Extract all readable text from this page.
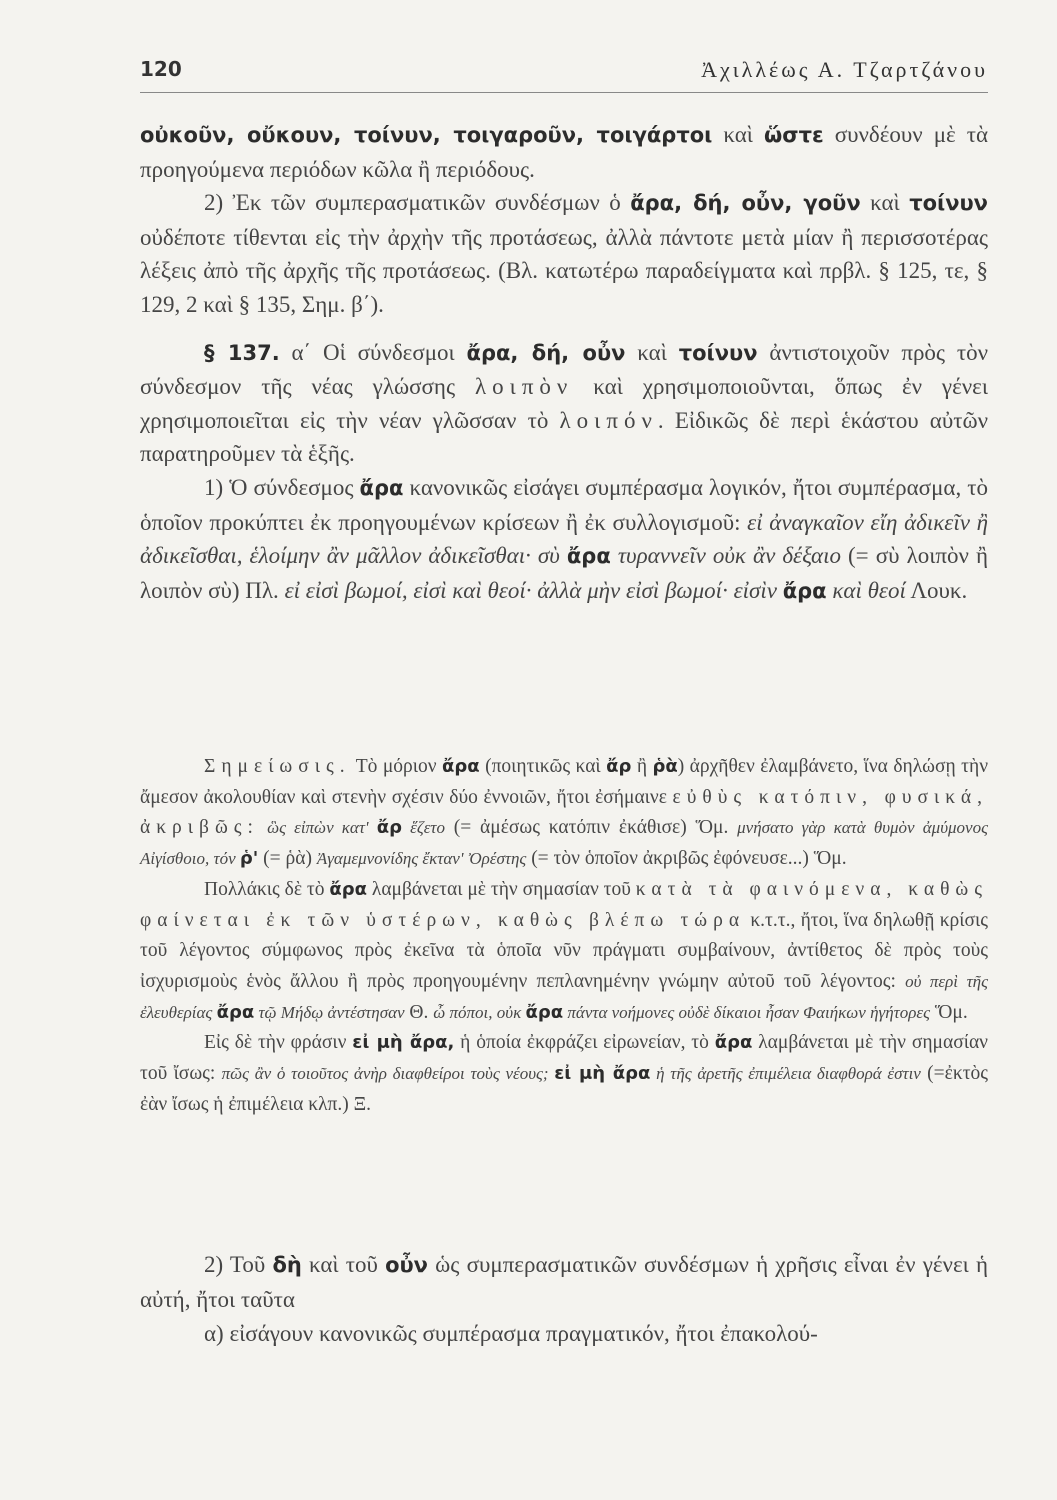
120	Ἀχιλλέως Α. Τζαρτζάνου

οὐκοῦν, οὔκουν, τοίνυν, τοιγαροῦν, τοιγάρτοι καὶ ὥστε συνδέουν μὲ τὰ προηγούμενα περιόδων κῶλα ἢ περιόδους.

2) Ἐκ τῶν συμπερασματικῶν συνδέσμων ὁ ἄρα, δή, οὖν, γοῦν καὶ τοίνυν οὐδέποτε τίθενται εἰς τὴν ἀρχὴν τῆς προτάσεως, ἀλλὰ πάντοτε μετὰ μίαν ἢ περισσοτέρας λέξεις ἀπὸ τῆς ἀρχῆς τῆς προτάσεως. (Βλ. κατωτέρω παραδείγματα καὶ πρβλ. § 125, τε, § 129, 2 καὶ § 135, Σημ. β΄).

§ 137. α΄ Οἱ σύνδεσμοι ἄρα, δή, οὖν καὶ τοίνυν ἀντιστοιχοῦν πρὸς τὸν σύνδεσμον τῆς νέας γλώσσης λοιπὸν καὶ χρησιμοποιοῦνται, ὅπως ἐν γένει χρησιμοποιεῖται εἰς τὴν νέαν γλῶσσαν τὸ λοιπόν. Εἰδικῶς δὲ περὶ ἑκάστου αὐτῶν παρατηροῦμεν τὰ ἑξῆς.

1) Ὁ σύνδεσμος ἄρα κανονικῶς εἰσάγει συμπέρασμα λογικόν, ἤτοι συμπέρασμα, τὸ ὁποῖον προκύπτει ἐκ προηγουμένων κρίσεων ἢ ἐκ συλλογισμοῦ: εἰ ἀναγκαῖον εἴη ἀδικεῖν ἢ ἀδικεῖσθαι, ἑλοίμην ἂν μᾶλλον ἀδικεῖσθαι· σὺ ἄρα τυραννεῖν οὐκ ἂν δέξαιο (= σὺ λοιπὸν ἢ λοιπὸν σὺ) Πλ. εἰ εἰσὶ βωμοί, εἰσὶ καὶ θεοί· ἀλλὰ μὴν εἰσὶ βωμοί· εἰσὶν ἄρα καὶ θεοί Λουκ.

Σημείωσις. Τὸ μόριον ἄρα (ποιητικῶς καὶ ἄρ ἢ ῥὰ) ἀρχῆθεν ἐλαμβάνετο, ἵνα δηλώσῃ τὴν ἄμεσον ἀκολουθίαν καὶ στενὴν σχέσιν δύο ἐννοιῶν, ἤτοι ἐσήμαινε εὐθὺς κατόπιν, φυσικά, ἀκριβῶς: ὣς εἰπὼν κατ' ἄρ ἕζετο (= ἀμέσως κατόπιν ἐκάθισε) Ὅμ. μνήσατο γὰρ κατὰ θυμὸν ἀμύμονος Αἰγίσθοιο, τόν ῥ' (= ῥὰ) Ἀγαμεμνονίδης ἔκταν' Ὀρέστης (= τὸν ὁποῖον ἀκριβῶς ἐφόνευσε...) Ὅμ.

Πολλάκις δὲ τὸ ἄρα λαμβάνεται μὲ τὴν σημασίαν τοῦ κατὰ τὰ φαινόμενα, καθὼς φαίνεται ἐκ τῶν ὑστέρων, καθὼς βλέπω τώρα κ.τ.τ., ἤτοι, ἵνα δηλωθῇ κρίσις τοῦ λέγοντος σύμφωνος πρὸς ἐκεῖνα τὰ ὁποῖα νῦν πράγματι συμβαίνουν, ἀντίθετος δὲ πρὸς τοὺς ἰσχυρισμοὺς ἑνὸς ἄλλου ἢ πρὸς προηγουμένην πεπλανημένην γνώμην αὐτοῦ τοῦ λέγοντος: οὐ περὶ τῆς ἐλευθερίας ἄρα τῷ Μήδῳ ἀντέστησαν Θ. ὦ πόποι, οὐκ ἄρα πάντα νοήμονες οὐδὲ δίκαιοι ἦσαν Φαιήκων ἡγήτορες Ὅμ.

Εἰς δὲ τὴν φράσιν εἰ μὴ ἄρα, ἡ ὁποία ἐκφράζει εἰρωνείαν, τὸ ἄρα λαμβάνεται μὲ τὴν σημασίαν τοῦ ἴσως: πῶς ἂν ὁ τοιοῦτος ἀνὴρ διαφθείροι τοὺς νέους; εἰ μὴ ἄρα ἡ τῆς ἀρετῆς ἐπιμέλεια διαφθορά ἐστιν (=ἐκτὸς ἐὰν ἴσως ἡ ἐπιμέλεια κλπ.) Ξ.

2) Τοῦ δὴ καὶ τοῦ οὖν ὡς συμπερασματικῶν συνδέσμων ἡ χρῆσις εἶναι ἐν γένει ἡ αὐτή, ἤτοι ταῦτα

α) εἰσάγουν κανονικῶς συμπέρασμα πραγματικόν, ἤτοι ἐπακολού-
